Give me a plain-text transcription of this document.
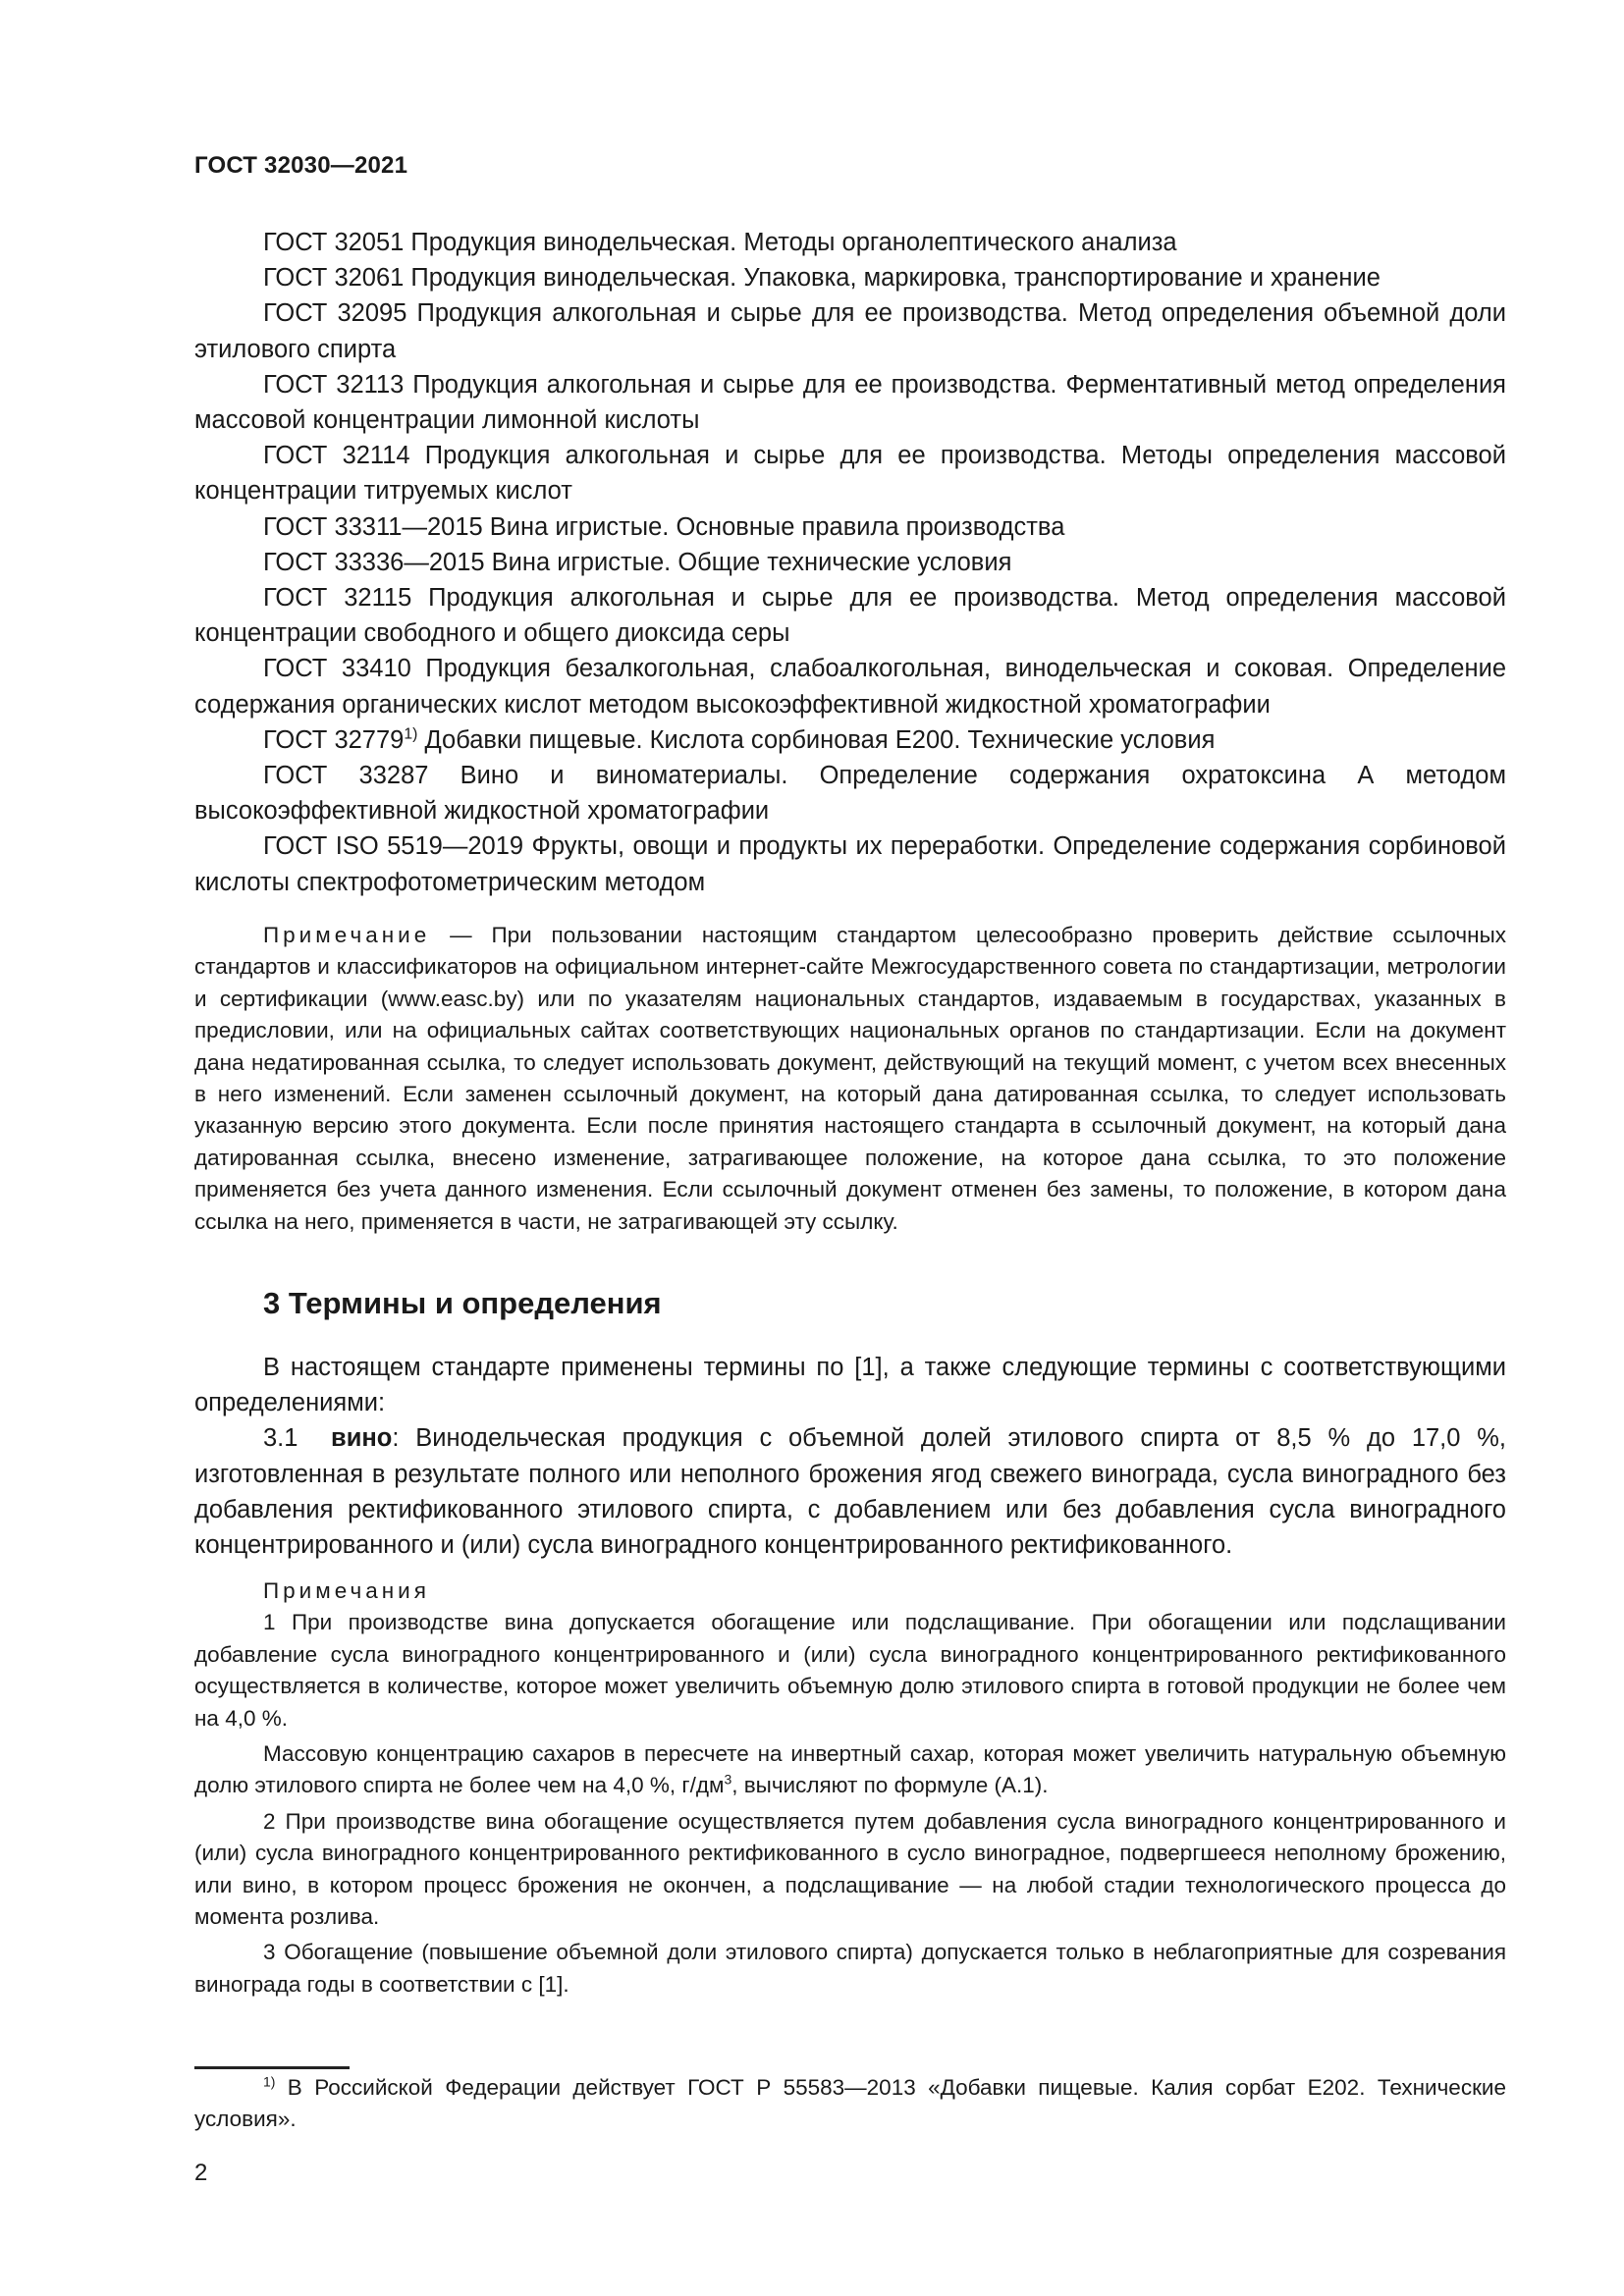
ГОСТ 32030—2021

ГОСТ 32051 Продукция винодельческая. Методы органолептического анализа

ГОСТ 32061 Продукция винодельческая. Упаковка, маркировка, транспортирование и хранение

ГОСТ 32095 Продукция алкогольная и сырье для ее производства. Метод определения объемной доли этилового спирта

ГОСТ 32113 Продукция алкогольная и сырье для ее производства. Ферментативный метод определения массовой концентрации лимонной кислоты

ГОСТ 32114 Продукция алкогольная и сырье для ее производства. Методы определения массовой концентрации титруемых кислот

ГОСТ 33311—2015 Вина игристые. Основные правила производства

ГОСТ 33336—2015 Вина игристые. Общие технические условия

ГОСТ 32115 Продукция алкогольная и сырье для ее производства. Метод определения массовой концентрации свободного и общего диоксида серы

ГОСТ 33410 Продукция безалкогольная, слабоалкогольная, винодельческая и соковая. Определение содержания органических кислот методом высокоэффективной жидкостной хроматографии

ГОСТ 32779$^{1)}$ Добавки пищевые. Кислота сорбиновая Е200. Технические условия

ГОСТ 33287 Вино и виноматериалы. Определение содержания охратоксина А методом высокоэффективной жидкостной хроматографии

ГОСТ ISO 5519—2019 Фрукты, овощи и продукты их переработки. Определение содержания сорбиновой кислоты спектрофотометрическим методом

Примечание — При пользовании настоящим стандартом целесообразно проверить действие ссылочных стандартов и классификаторов на официальном интернет-сайте Межгосударственного совета по стандартизации, метрологии и сертификации (www.easc.by) или по указателям национальных стандартов, издаваемым в государствах, указанных в предисловии, или на официальных сайтах соответствующих национальных органов по стандартизации. Если на документ дана недатированная ссылка, то следует использовать документ, действующий на текущий момент, с учетом всех внесенных в него изменений. Если заменен ссылочный документ, на который дана датированная ссылка, то следует использовать указанную версию этого документа. Если после принятия настоящего стандарта в ссылочный документ, на который дана датированная ссылка, внесено изменение, затрагивающее положение, на которое дана ссылка, то это положение применяется без учета данного изменения. Если ссылочный документ отменен без замены, то положение, в котором дана ссылка на него, применяется в части, не затрагивающей эту ссылку.

3 Термины и определения

В настоящем стандарте применены термины по [1], а также следующие термины с соответствующими определениями:

3.1 вино: Винодельческая продукция с объемной долей этилового спирта от 8,5 % до 17,0 %, изготовленная в результате полного или неполного брожения ягод свежего винограда, сусла виноградного без добавления ректификованного этилового спирта, с добавлением или без добавления сусла виноградного концентрированного и (или) сусла виноградного концентрированного ректификованного.

Примечания

1 При производстве вина допускается обогащение или подслащивание. При обогащении или подслащивании добавление сусла виноградного концентрированного и (или) сусла виноградного концентрированного ректификованного осуществляется в количестве, которое может увеличить объемную долю этилового спирта в готовой продукции не более чем на 4,0 %.

Массовую концентрацию сахаров в пересчете на инвертный сахар, которая может увеличить натуральную объемную долю этилового спирта не более чем на 4,0 %, $г/дм^3$, вычисляют по формуле (А.1).

2 При производстве вина обогащение осуществляется путем добавления сусла виноградного концентрированного и (или) сусла виноградного концентрированного ректификованного в сусло виноградное, подвергшееся неполному брожению, или вино, в котором процесс брожения не окончен, а подслащивание — на любой стадии технологического процесса до момента розлива.

3 Обогащение (повышение объемной доли этилового спирта) допускается только в неблагоприятные для созревания винограда годы в соответствии с [1].

$^{1)}$ В Российской Федерации действует ГОСТ Р 55583—2013 «Добавки пищевые. Калия сорбат Е202. Технические условия».

2
